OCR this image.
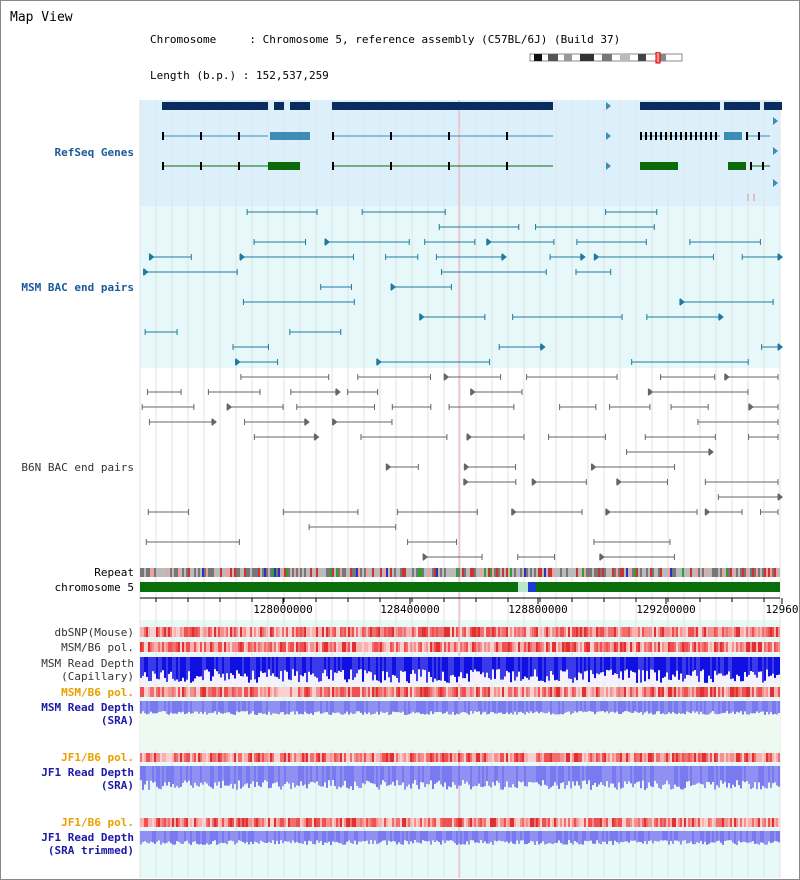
Map View

Chromosome     : Chromosome 5, reference assembly (C57BL/6J) (Build 37)

Length (b.p.) : 152,537,259

128000000	128400000	128800000	129200000	12960
RefSeq Genes
MSM BAC end pairs
B6N BAC end pairs
Repeat
chromosome 5
dbSNP(Mouse)
MSM/B6 pol.
MSM Read Depth
(Capillary)
MSM/B6 pol.
MSM Read Depth
(SRA)
JF1/B6 pol.
JF1 Read Depth
(SRA)
JF1/B6 pol.
JF1 Read Depth
(SRA trimmed)
